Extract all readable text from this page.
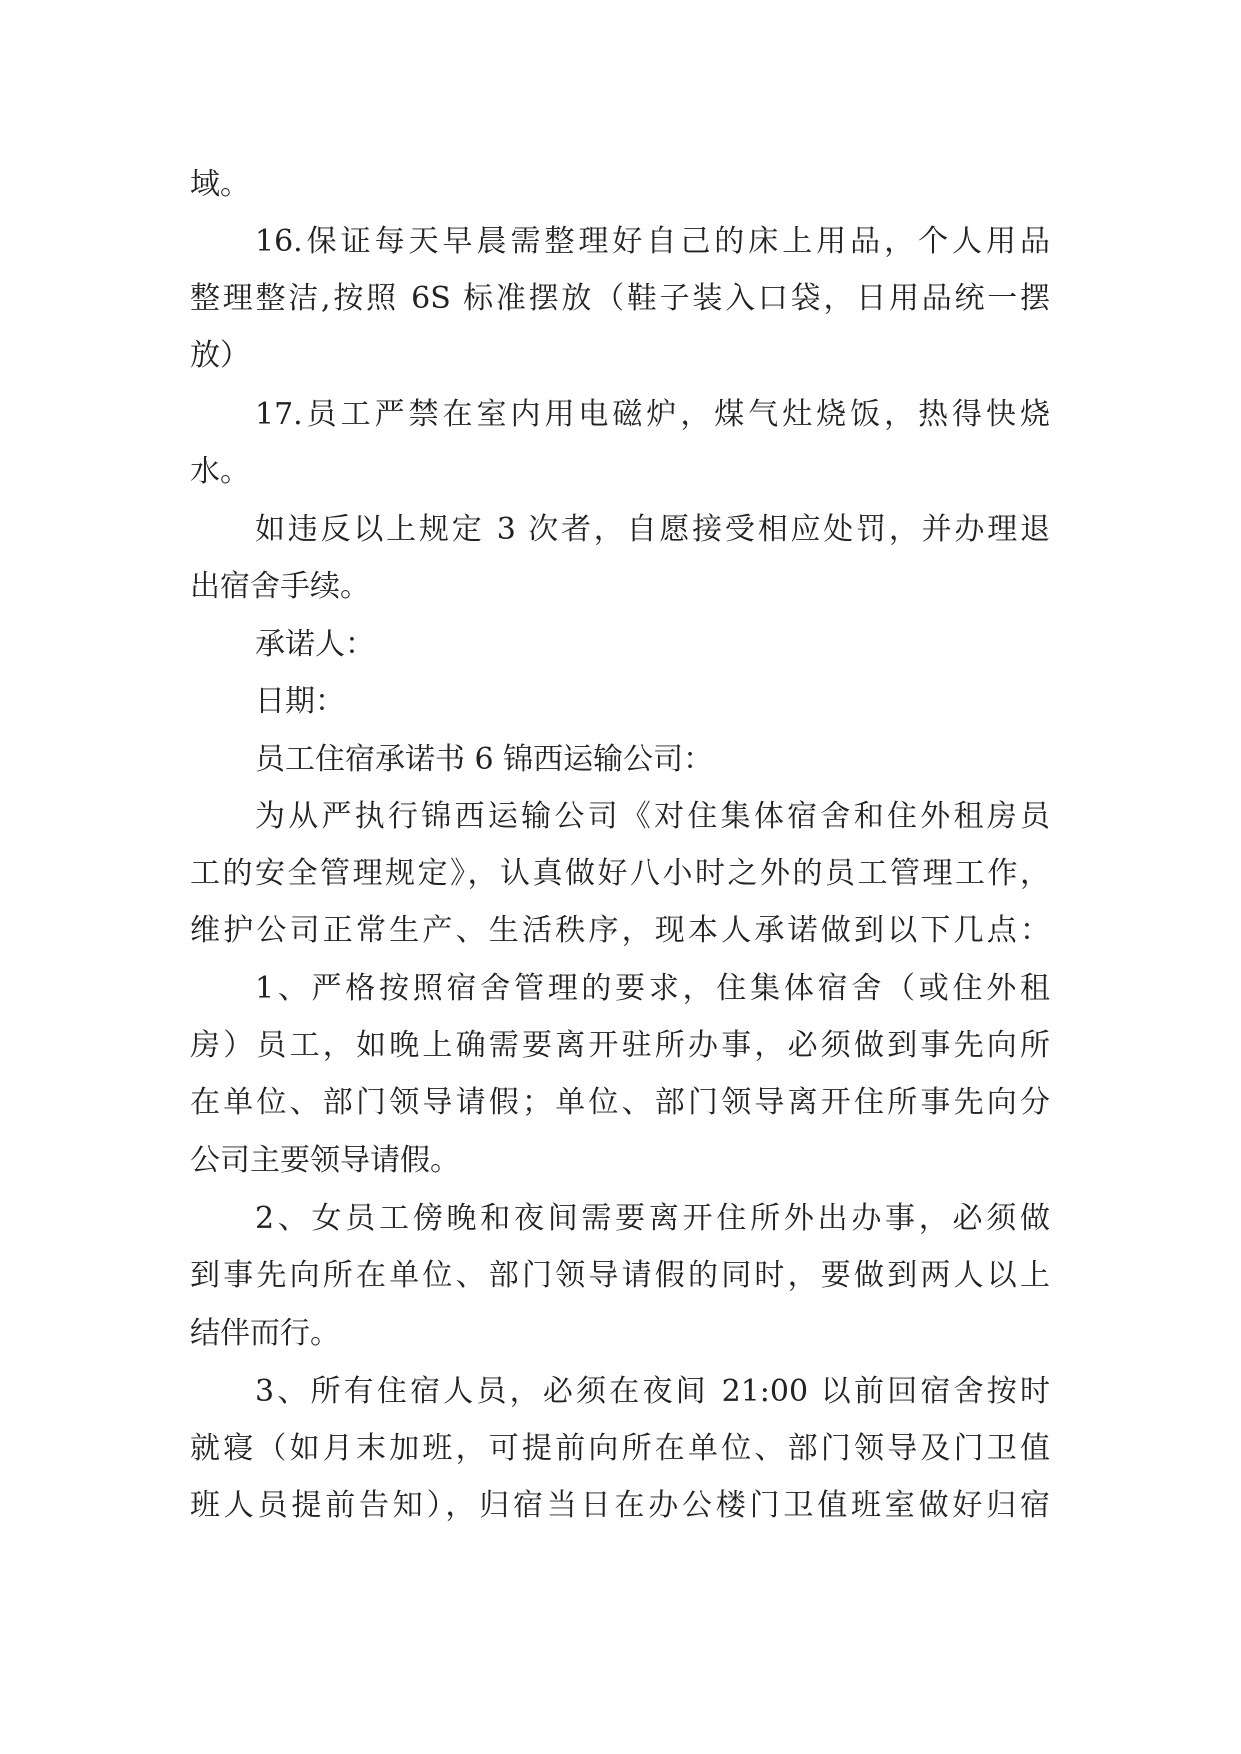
域。

16.保证每天早晨需整理好自己的床上用品，个人用品

整理整洁,按照 6S 标准摆放（鞋子装入口袋，日用品统一摆

放）

17.员工严禁在室内用电磁炉，煤气灶烧饭，热得快烧

水。

如违反以上规定 3 次者，自愿接受相应处罚，并办理退

出宿舍手续。

承诺人：

日期：

员工住宿承诺书 6 锦西运输公司：

为从严执行锦西运输公司《对住集体宿舍和住外租房员

工的安全管理规定》，认真做好八小时之外的员工管理工作，

维护公司正常生产、生活秩序，现本人承诺做到以下几点：

1、严格按照宿舍管理的要求，住集体宿舍（或住外租

房）员工，如晚上确需要离开驻所办事，必须做到事先向所

在单位、部门领导请假；单位、部门领导离开住所事先向分

公司主要领导请假。

2、女员工傍晚和夜间需要离开住所外出办事，必须做

到事先向所在单位、部门领导请假的同时，要做到两人以上

结伴而行。

3、所有住宿人员，必须在夜间 21:00 以前回宿舍按时

就寝（如月末加班，可提前向所在单位、部门领导及门卫值

班人员提前告知），归宿当日在办公楼门卫值班室做好归宿
